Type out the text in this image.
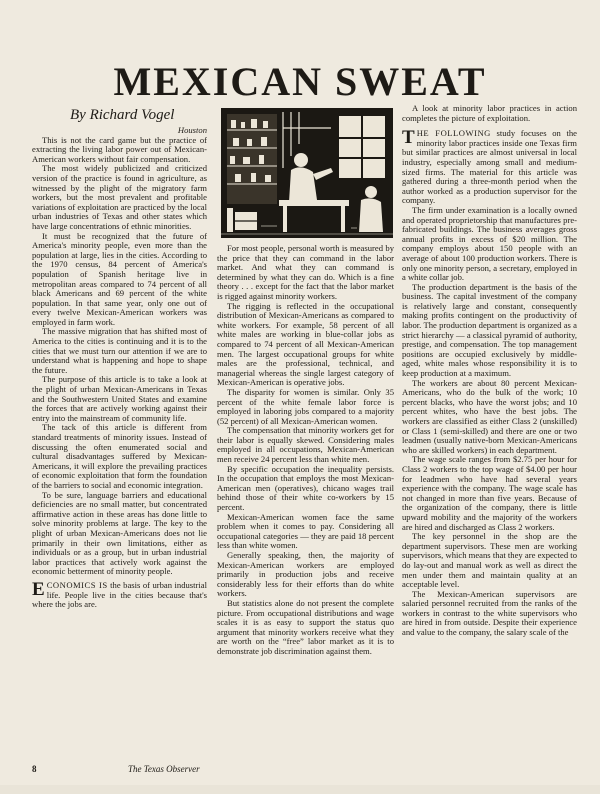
MEXICAN SWEAT
By Richard Vogel

Houston

This is not the card game but the practice of extracting the living labor power out of Mexican-American workers without fair compensation.

The most widely publicized and criticized version of the practice is found in agriculture, as witnessed by the plight of the migratory farm workers, but the most prevalent and profitable variations of exploitation are practiced by the local urban industries of Texas and other states which have large concentrations of ethnic minorities.

It must be recognized that the future of America's minority people, even more than the population at large, lies in the cities. According to the 1970 census, 84 percent of America's population of Spanish heritage live in metropolitan areas compared to 74 percent of all black Americans and 69 percent of the white population. In that same year, only one out of every twelve Mexican-American workers was employed in farm work.

The massive migration that has shifted most of America to the cities is continuing and it is to the cities that we must turn our attention if we are to understand what is happening and hope to shape the future.

The purpose of this article is to take a look at the plight of urban Mexican-Americans in Texas and the Southwestern United States and examine the forces that are actively working against their entry into the mainstream of community life.

The tack of this article is different from standard treatments of minority issues. Instead of discussing the often enumerated social and cultural disadvantages suffered by Mexican-Americans, it will explore the prevailing practices of economic exploitation that form the foundation of the barriers to social and economic integration.

To be sure, language barriers and educational deficiencies are no small matter, but concentrated affirmative action in these areas has done little to solve minority problems at large. The key to the plight of urban Mexican-Americans does not lie primarily in their own limitations, either as individuals or as a group, but in urban industrial labor practices that actively work against the economic betterment of minority people.

ECONOMICS IS the basis of urban industrial life. People live in the cities because that's where the jobs are.

For most people, personal worth is measured by the price that they can command in the labor market. And what they can command is determined by what they can do. Which is a fine theory . . . except for the fact that the labor market is rigged against minority workers.

The rigging is reflected in the occupational distribution of Mexican-Americans as compared to white workers. For example, 58 percent of all white males are working in blue-collar jobs as compared to 74 percent of all Mexican-American men. The largest occupational groups for white males are the professional, technical, and managerial whereas the single largest category of Mexican-American is operative jobs.

The disparity for women is similar. Only 35 percent of the white female labor force is employed in laboring jobs compared to a majority (52 percent) of all Mexican-American women.

The compensation that minority workers get for their labor is equally skewed. Considering males employed in all occupations, Mexican-American men receive 24 percent less than white men.

By specific occupation the inequality persists. In the occupation that employs the most Mexican-American men (operatives), chicano wages trail behind those of their white co-workers by 15 percent.

Mexican-American women face the same problem when it comes to pay. Considering all occupational categories — they are paid 18 percent less than white women.

Generally speaking, then, the majority of Mexican-American workers are employed primarily in production jobs and receive considerably less for their efforts than do white workers.

But statistics alone do not present the complete picture. From occupational distributions and wage scales it is as easy to support the status quo argument that minority workers receive what they are worth on the “free” labor market as it is to demonstrate job discrimination against them.

A look at minority labor practices in action completes the picture of exploitation.

THE FOLLOWING study focuses on the minority labor practices inside one Texas firm but similar practices are almost universal in local industry, especially among small and medium-sized firms. The material for this article was gathered during a three-month period when the author worked as a production supervisor for the company.

The firm under examination is a locally owned and operated proprietorship that manufactures pre-fabricated buildings. The business averages gross annual profits in excess of $20 million. The company employs about 150 people with an average of about 100 production workers. There is only one minority person, a secretary, employed in a white collar job.

The production department is the basis of the business. The capital investment of the company is relatively large and constant, consequently making profits contingent on the productivity of labor. The production department is organized as a strict hierarchy — a classical pyramid of authority, prestige, and compensation. The top management positions are occupied exclusively by middle-aged, white males whose responsibility it is to keep production at a maximum.

The workers are about 80 percent Mexican-Americans, who do the bulk of the work; 10 percent blacks, who have the worst jobs; and 10 percent whites, who have the best jobs. The workers are classified as either Class 2 (unskilled) or Class 1 (semi-skilled) and there are one or two leadmen (usually native-born Mexican-Americans who are skilled workers) in each department.

The wage scale ranges from $2.75 per hour for Class 2 workers to the top wage of $4.00 per hour for leadmen who have had several years experience with the company. The wage scale has not changed in more than five years. Because of the organization of the company, there is little upward mobility and the majority of the workers are hired and discharged as Class 2 workers.

The key personnel in the shop are the department supervisors. These men are working supervisors, which means that they are expected to do lay-out and manual work as well as direct the men under them and maintain quality at an acceptable level.

The Mexican-American supervisors are salaried personnel recruited from the ranks of the workers in contrast to the white supervisors who are hired in from outside. Despite their experience and value to the company, the salary scale of the

8	The Texas Observer
